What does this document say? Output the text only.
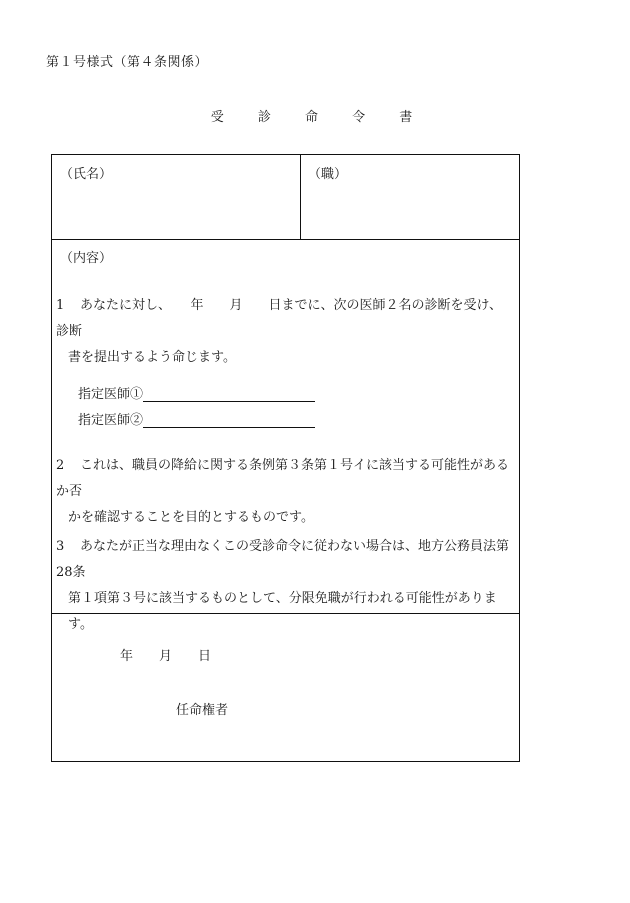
第１号様式（第４条関係）
受 診 命 令 書
（氏名）	（職）
（内容）
1 あなたに対し、　　年　　月　　日までに、次の医師２名の診断を受け、診断
書を提出するよう命じます。
指定医師①
指定医師②
2 これは、職員の降給に関する条例第３条第１号イに該当する可能性があるか否
かを確認することを目的とするものです。
3 あなたが正当な理由なくこの受診命令に従わない場合は、地方公務員法第28条
第１項第３号に該当するものとして、分限免職が行われる可能性があります。
年　　月　　日
任命権者
